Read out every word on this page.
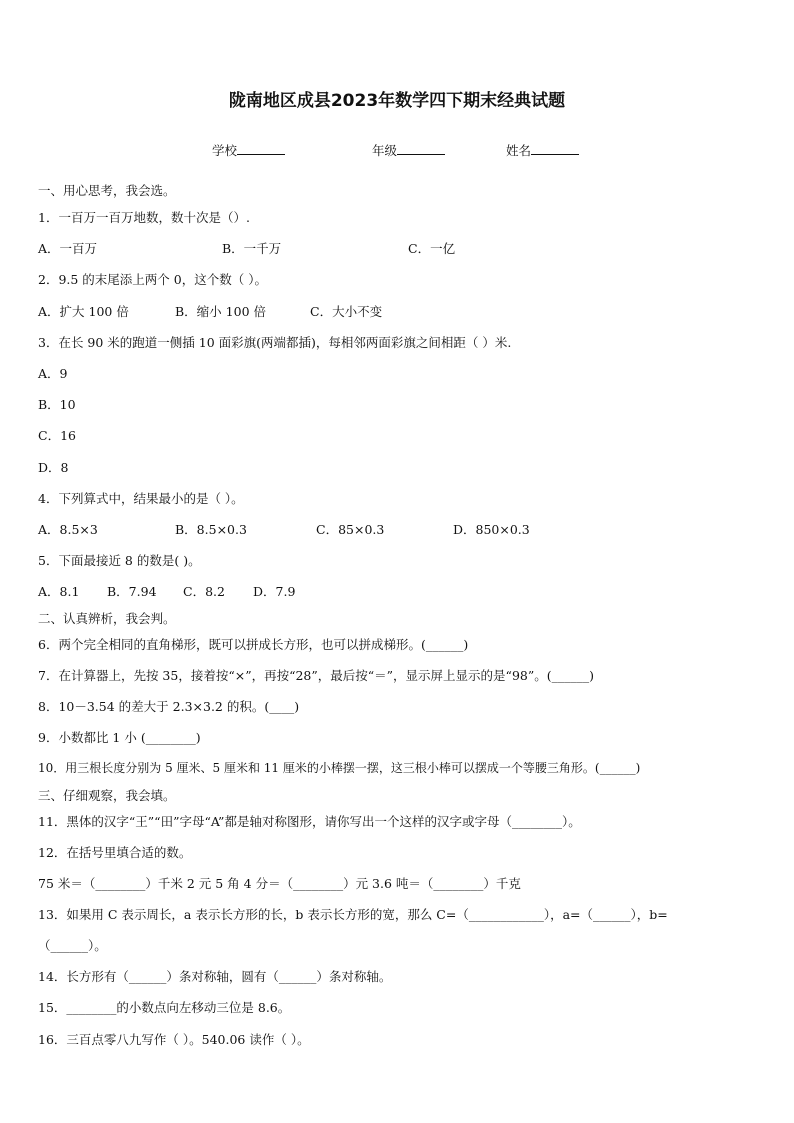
陇南地区成县2023年数学四下期末经典试题
学校	年级	姓名
一、用心思考，我会选。
1．一百万一百万地数，数十次是（）.
A．一百万	B．一千万	C．一亿
2．9.5 的末尾添上两个 0，这个数（ ）。
A．扩大 100 倍	B．缩小 100 倍	C．大小不变
3．在长 90 米的跑道一侧插 10 面彩旗(两端都插)，每相邻两面彩旗之间相距（ ）米.
A．9
B．10
C．16
D．8
4．下列算式中，结果最小的是（ ）。
A．8.5×3	B．8.5×0.3	C．85×0.3	D．850×0.3
5．下面最接近 8 的数是( )。
A．8.1 B．7.94 C．8.2 D．7.9
二、认真辨析，我会判。
6．两个完全相同的直角梯形，既可以拼成长方形，也可以拼成梯形。(______)
7．在计算器上，先按 35，接着按“×”，再按“28”，最后按“＝”，显示屏上显示的是“98”。(______)
8．10－3.54 的差大于 2.3×3.2 的积。(____)
9．小数都比 1 小 (________)
10．用三根长度分别为 5 厘米、5 厘米和 11 厘米的小棒摆一摆，这三根小棒可以摆成一个等腰三角形。(______)
三、仔细观察，我会填。
11．黑体的汉字“王”“田”字母“A”都是轴对称图形，请你写出一个这样的汉字或字母（________）。
12．在括号里填合适的数。
75 米＝（________）千米 2 元 5 角 4 分＝（________）元 3.6 吨＝（________）千克
13．如果用 C 表示周长，a 表示长方形的长，b 表示长方形的宽，那么 C=（____________），a=（______），b=
（______）。
14．长方形有（______）条对称轴，圆有（______）条对称轴。
15．________的小数点向左移动三位是 8.6。
16．三百点零八九写作（ ）。540.06 读作（ ）。
